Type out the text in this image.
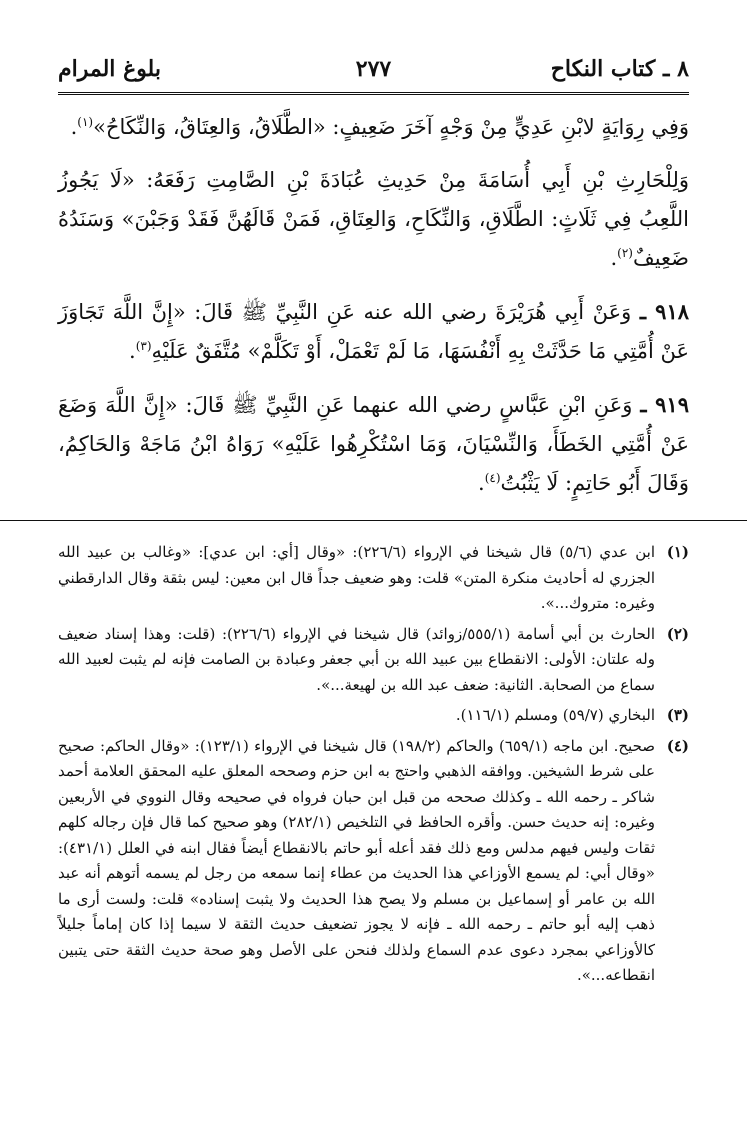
٨ ـ كتاب النكاح
٢٧٧
بلوغ المرام

وَفِي رِوَايَةٍ لابْنِ عَدِيٍّ مِنْ وَجْهٍ آخَرَ ضَعِيفٍ: «الطَّلَاقُ، وَالعِتَاقُ، وَالنِّكَاحُ»$^{(١)}$.

وَلِلْحَارِثِ بْنِ أَبِي أُسَامَةَ مِنْ حَدِيثِ عُبَادَةَ بْنِ الصَّامِتِ رَفَعَهُ: «لَا يَجُوزُ اللَّعِبُ فِي ثَلَاثٍ: الطَّلَاقِ، وَالنِّكَاحِ، وَالعِتَاقِ، فَمَنْ قَالَهُنَّ فَقَدْ وَجَبْنَ» وَسَنَدُهُ ضَعِيفٌ$^{(٢)}$.

٩١٨ ـ وَعَنْ أَبِي هُرَيْرَةَ رضي الله عنه عَنِ النَّبِيِّ ﷺ قَالَ: «إِنَّ اللَّهَ تَجَاوَزَ عَنْ أُمَّتِي مَا حَدَّثَتْ بِهِ أَنْفُسَهَا، مَا لَمْ تَعْمَلْ، أَوْ تَكَلَّمْ» مُتَّفَقٌ عَلَيْهِ$^{(٣)}$.

٩١٩ ـ وَعَنِ ابْنِ عَبَّاسٍ رضي الله عنهما عَنِ النَّبِيِّ ﷺ قَالَ: «إِنَّ اللَّهَ وَضَعَ عَنْ أُمَّتِي الخَطَأَ، وَالنِّسْيَانَ، وَمَا اسْتُكْرِهُوا عَلَيْهِ» رَوَاهُ ابْنُ مَاجَهْ وَالحَاكِمُ، وَقَالَ أَبُو حَاتِمٍ: لَا يَثْبُتُ$^{(٤)}$.

(١)
ابن عدي (٥/٦) قال شيخنا في الإرواء (٢٢٦/٦): «وقال [أي: ابن عدي]: «وغالب بن عبيد الله الجزري له أحاديث منكرة المتن» قلت: وهو ضعيف جداً قال ابن معين: ليس بثقة وقال الدارقطني وغيره: متروك...».
(٢)
الحارث بن أبي أسامة (٥٥٥/١/زوائد) قال شيخنا في الإرواء (٢٢٦/٦): (قلت: وهذا إسناد ضعيف وله علتان: الأولى: الانقطاع بين عبيد الله بن أبي جعفر وعبادة بن الصامت فإنه لم يثبت لعبيد الله سماع من الصحابة. الثانية: ضعف عبد الله بن لهيعة...».
(٣)
البخاري (٥٩/٧) ومسلم (١١٦/١).
(٤)
صحيح. ابن ماجه (٦٥٩/١) والحاكم (١٩٨/٢) قال شيخنا في الإرواء (١٢٣/١): «وقال الحاكم: صحيح على شرط الشيخين. ووافقه الذهبي واحتج به ابن حزم وصححه المعلق عليه المحقق العلامة أحمد شاكر ـ رحمه الله ـ وكذلك صححه من قبل ابن حبان فرواه في صحيحه وقال النووي في الأربعين وغيره: إنه حديث حسن. وأقره الحافظ في التلخيص (٢٨٢/١) وهو صحيح كما قال فإن رجاله كلهم ثقات وليس فيهم مدلس ومع ذلك فقد أعله أبو حاتم بالانقطاع أيضاً فقال ابنه في العلل (٤٣١/١): «وقال أبي: لم يسمع الأوزاعي هذا الحديث من عطاء إنما سمعه من رجل لم يسمه أتوهم أنه عبد الله بن عامر أو إسماعيل بن مسلم ولا يصح هذا الحديث ولا يثبت إسناده» قلت: ولست أرى ما ذهب إليه أبو حاتم ـ رحمه الله ـ فإنه لا يجوز تضعيف حديث الثقة لا سيما إذا كان إماماً جليلاً كالأوزاعي بمجرد دعوى عدم السماع ولذلك فنحن على الأصل وهو صحة حديث الثقة حتى يتبين انقطاعه...».
